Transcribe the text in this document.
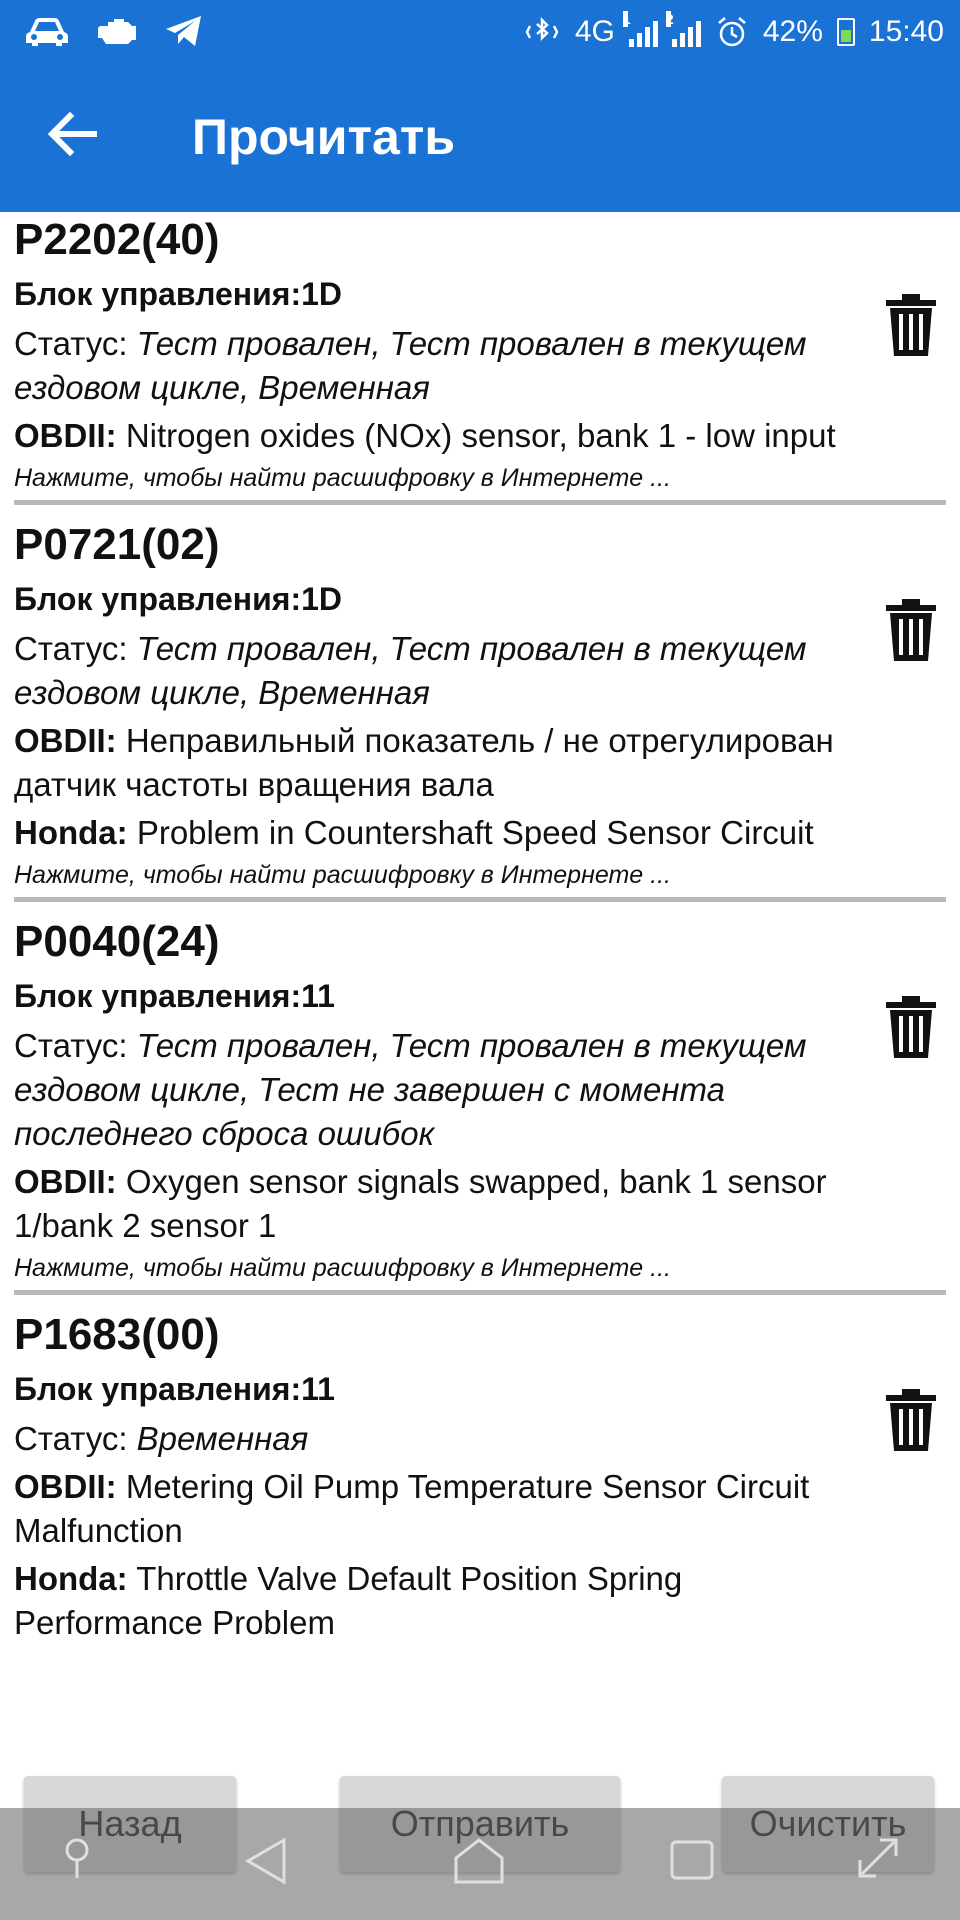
4G 1	2	42% 15:40
Прочитать
P2202(40)
Блок управления:1D
Статус: Тест провален, Тест провален в текущем ездовом цикле, Временная
OBDII: Nitrogen oxides (NOx) sensor, bank 1 - low input
Нажмите, чтобы найти расшифровку в Интернете ...
P0721(02)
Блок управления:1D
Статус: Тест провален, Тест провален в текущем ездовом цикле, Временная
OBDII: Неправильный показатель / не отрегулирован датчик частоты вращения вала
Honda: Problem in Countershaft Speed Sensor Circuit
Нажмите, чтобы найти расшифровку в Интернете ...
P0040(24)
Блок управления:11
Статус: Тест провален, Тест провален в текущем ездовом цикле, Тест не завершен с момента последнего сброса ошибок
OBDII: Oxygen sensor signals swapped, bank 1 sensor 1/bank 2 sensor 1
Нажмите, чтобы найти расшифровку в Интернете ...
P1683(00)
Блок управления:11
Статус: Временная
OBDII: Metering Oil Pump Temperature Sensor Circuit Malfunction
Honda: Throttle Valve Default Position Spring Performance Problem
